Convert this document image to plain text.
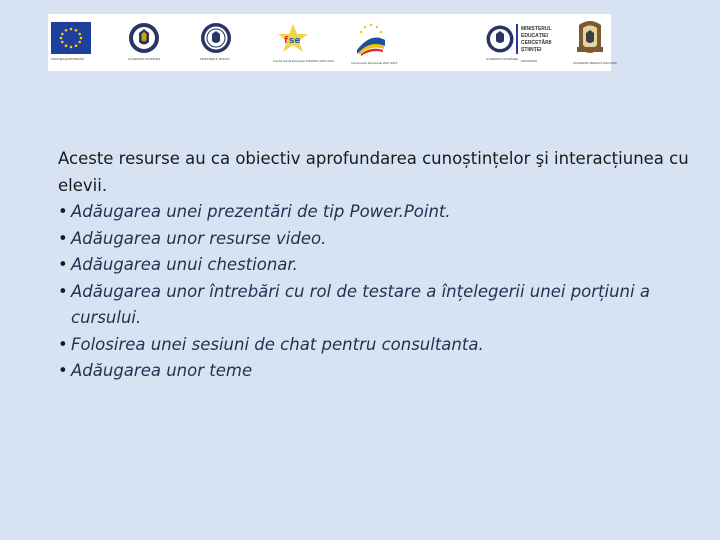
UNIUNEA EUROPEANĂ	GUVERNUL ROMÂNIEI	MINISTERUL MUNCII
f se
Fondul Social European POSDRU 2007-2013	Instrumente Structurale 2007-2013
GUVERNUL ROMÂNIEI
MINISTERUL EDUCAȚIEI CERCETĂRII ȘTIINȚEI
OIPOSDRU	ACADEMIA TEHNICĂ MILITARĂ

Aceste resurse au ca obiectiv aprofundarea cunoștințelor şi interacțiunea cu elevii.

• Adăugarea unei prezentări de tip Power.Point.
• Adăugarea unor resurse video.
• Adăugarea unui chestionar.
• Adăugarea unor întrebări cu rol de testare a înțelegerii unei porțiuni a cursului.
• Folosirea unei sesiuni de chat pentru consultanta.
• Adăugarea unor teme
